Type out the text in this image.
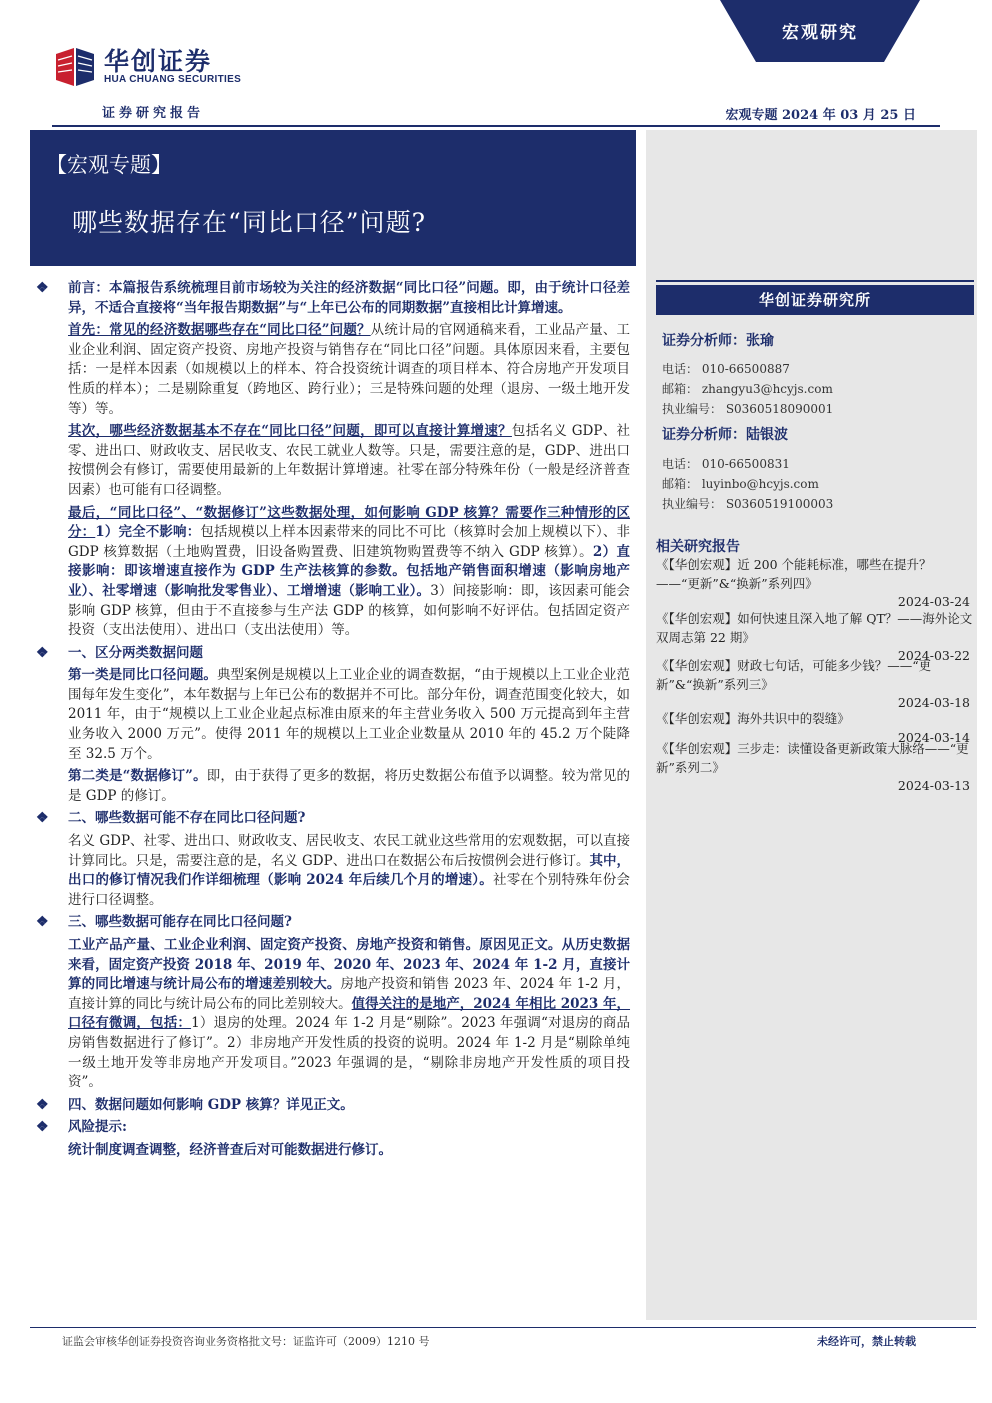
华创证券
HUA CHUANG SECURITIES
证券研究报告
宏观研究
宏观专题 2024 年 03 月 25 日
【宏观专题】
哪些数据存在“同比口径”问题?
华创证券研究所
证券分析师：张瑜
电话： 010-66500887
邮箱： zhangyu3@hcyjs.com
执业编号： S0360518090001
证券分析师：陆银波
电话： 010-66500831
邮箱： luyinbo@hcyjs.com
执业编号： S0360519100003
相关研究报告
《【华创宏观】近 200 个能耗标准，哪些在提升？——“更新”&“换新”系列四》
2024-03-24
《【华创宏观】如何快速且深入地了解 QT？——海外论文双周志第 22 期》
2024-03-22
《【华创宏观】财政七句话，可能多少钱？——“更新”&“换新”系列三》
2024-03-18
《【华创宏观】海外共识中的裂缝》
2024-03-14
《【华创宏观】三步走：读懂设备更新政策大脉络——“更新”系列二》
2024-03-13
❖ 前言：本篇报告系统梳理目前市场较为关注的经济数据“同比口径”问题。即，由于统计口径差异，不适合直接将“当年报告期数据”与“上年已公布的同期数据”直接相比计算增速。
首先：常见的经济数据哪些存在“同比口径”问题？从统计局的官网通稿来看，工业品产量、工业企业利润、固定资产投资、房地产投资与销售存在“同比口径”问题。具体原因来看，主要包括：一是样本因素（如规模以上的样本、符合投资统计调查的项目样本、符合房地产开发项目性质的样本）；二是剔除重复（跨地区、跨行业）；三是特殊问题的处理（退房、一级土地开发等）等。
其次，哪些经济数据基本不存在“同比口径”问题，即可以直接计算增速？包括名义 GDP、社零、进出口、财政收支、居民收支、农民工就业人数等。只是，需要注意的是，GDP、进出口按惯例会有修订，需要使用最新的上年数据计算增速。社零在部分特殊年份（一般是经济普查因素）也可能有口径调整。
最后，“同比口径”、“数据修订”这些数据处理，如何影响 GDP 核算？需要作三种情形的区分：1）完全不影响：包括规模以上样本因素带来的同比不可比（核算时会加上规模以下）、非 GDP 核算数据（土地购置费，旧设备购置费、旧建筑物购置费等不纳入 GDP 核算）。2）直接影响：即该增速直接作为 GDP 生产法核算的参数。包括地产销售面积增速（影响房地产业）、社零增速（影响批发零售业）、工增增速（影响工业）。3）间接影响：即，该因素可能会影响 GDP 核算，但由于不直接参与生产法 GDP 的核算，如何影响不好评估。包括固定资产投资（支出法使用）、进出口（支出法使用）等。
❖ 一、区分两类数据问题
第一类是同比口径问题。典型案例是规模以上工业企业的调查数据，“由于规模以上工业企业范围每年发生变化”，本年数据与上年已公布的数据并不可比。部分年份，调查范围变化较大，如 2011 年，由于“规模以上工业企业起点标准由原来的年主营业务收入 500 万元提高到年主营业务收入 2000 万元”。使得 2011 年的规模以上工业企业数量从 2010 年的 45.2 万个陡降至 32.5 万个。
第二类是“数据修订”。即，由于获得了更多的数据，将历史数据公布值予以调整。较为常见的是 GDP 的修订。
❖ 二、哪些数据可能不存在同比口径问题?
名义 GDP、社零、进出口、财政收支、居民收支、农民工就业这些常用的宏观数据，可以直接计算同比。只是，需要注意的是，名义 GDP、进出口在数据公布后按惯例会进行修订。其中，出口的修订情况我们作详细梳理（影响 2024 年后续几个月的增速）。社零在个别特殊年份会进行口径调整。
❖ 三、哪些数据可能存在同比口径问题?
工业产品产量、工业企业利润、固定资产投资、房地产投资和销售。原因见正文。从历史数据来看，固定资产投资 2018 年、2019 年、2020 年、2023 年、2024 年 1-2 月，直接计算的同比增速与统计局公布的增速差别较大。房地产投资和销售 2023 年、2024 年 1-2 月，直接计算的同比与统计局公布的同比差别较大。值得关注的是地产，2024 年相比 2023 年，口径有微调，包括：1）退房的处理。2024 年 1-2 月是“剔除”。2023 年强调“对退房的商品房销售数据进行了修订”。2）非房地产开发性质的投资的说明。2024 年 1-2 月是“剔除单纯一级土地开发等非房地产开发项目。”2023 年强调的是，“剔除非房地产开发性质的项目投资”。
❖ 四、数据问题如何影响 GDP 核算？详见正文。
❖ 风险提示:
统计制度调查调整，经济普查后对可能数据进行修订。
证监会审核华创证券投资咨询业务资格批文号：证监许可（2009）1210 号	未经许可，禁止转载
